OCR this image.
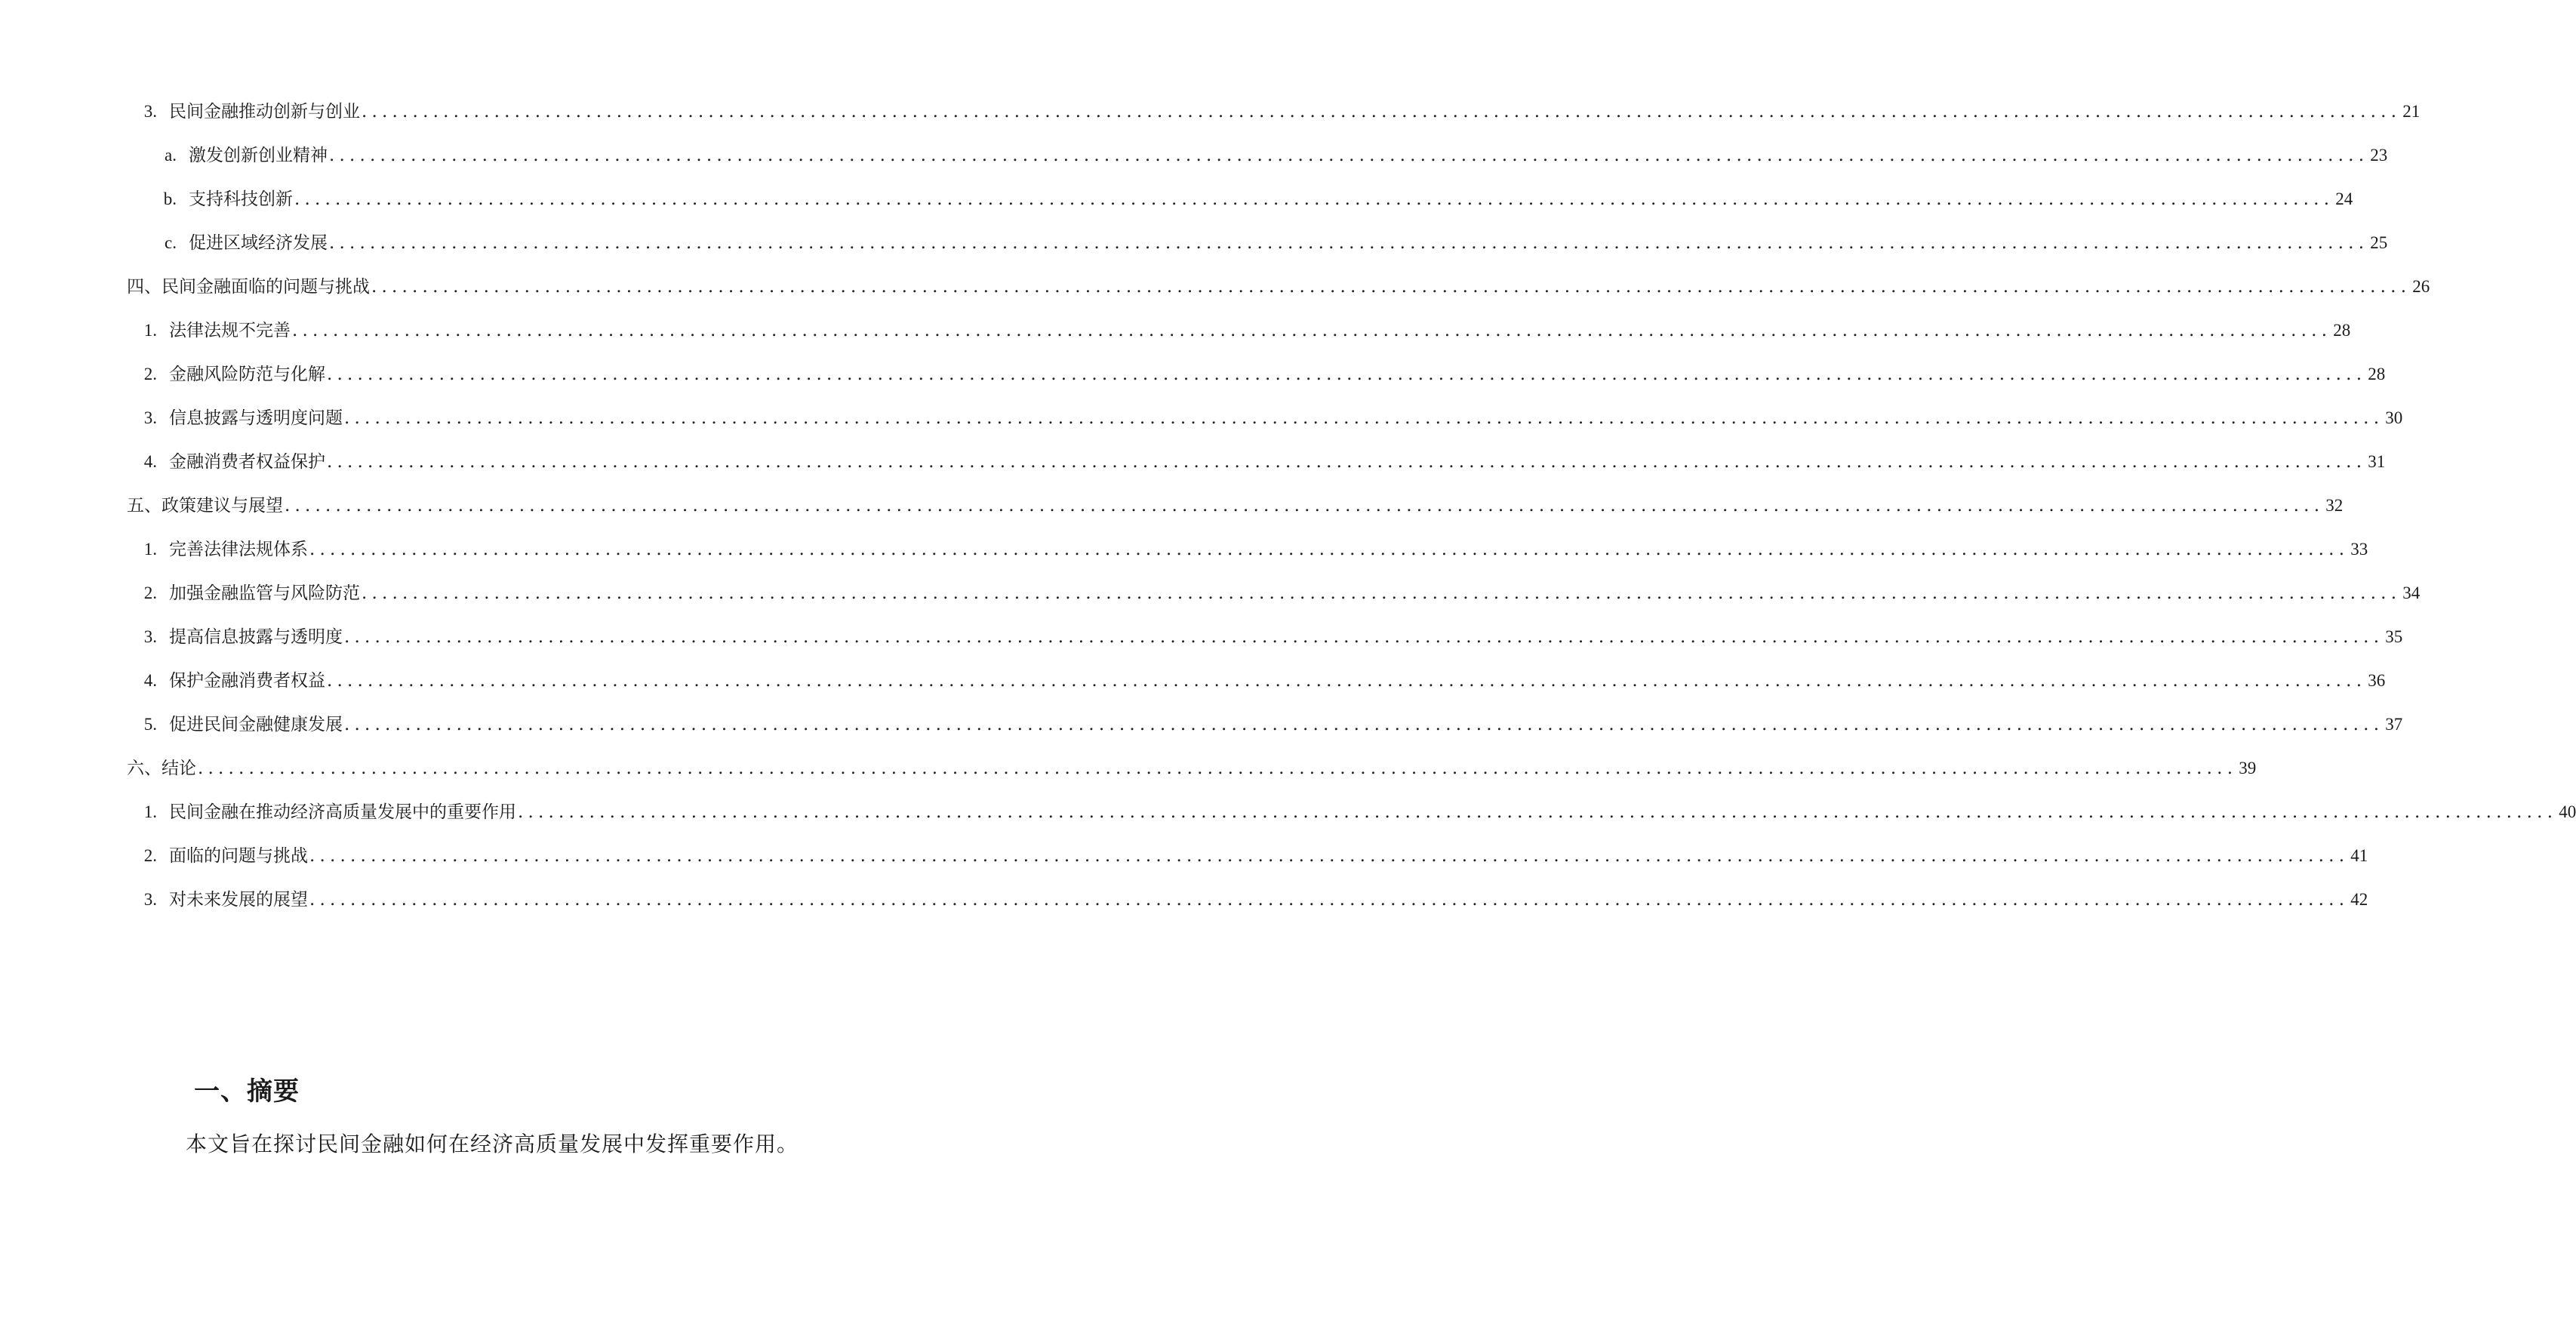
3. 民间金融推动创新与创业 ........................................................................................................................................................................................................ 21
a. 激发创新创业精神 ........................................................................................................................................................................................................ 23
b. 支持科技创新 ........................................................................................................................................................................................................ 24
c. 促进区域经济发展 ........................................................................................................................................................................................................ 25
四、民间金融面临的问题与挑战 ........................................................................................................................................................................................................ 26
1. 法律法规不完善 ........................................................................................................................................................................................................ 28
2. 金融风险防范与化解 ........................................................................................................................................................................................................ 28
3. 信息披露与透明度问题 ........................................................................................................................................................................................................ 30
4. 金融消费者权益保护 ........................................................................................................................................................................................................ 31
五、政策建议与展望 ........................................................................................................................................................................................................ 32
1. 完善法律法规体系 ........................................................................................................................................................................................................ 33
2. 加强金融监管与风险防范 ........................................................................................................................................................................................................ 34
3. 提高信息披露与透明度 ........................................................................................................................................................................................................ 35
4. 保护金融消费者权益 ........................................................................................................................................................................................................ 36
5. 促进民间金融健康发展 ........................................................................................................................................................................................................ 37
六、结论 ........................................................................................................................................................................................................ 39
1. 民间金融在推动经济高质量发展中的重要作用 ........................................................................................................................................................................................................ 40
2. 面临的问题与挑战 ........................................................................................................................................................................................................ 41
3. 对未来发展的展望 ........................................................................................................................................................................................................ 42
一、摘要
本文旨在探讨民间金融如何在经济高质量发展中发挥重要作用。
